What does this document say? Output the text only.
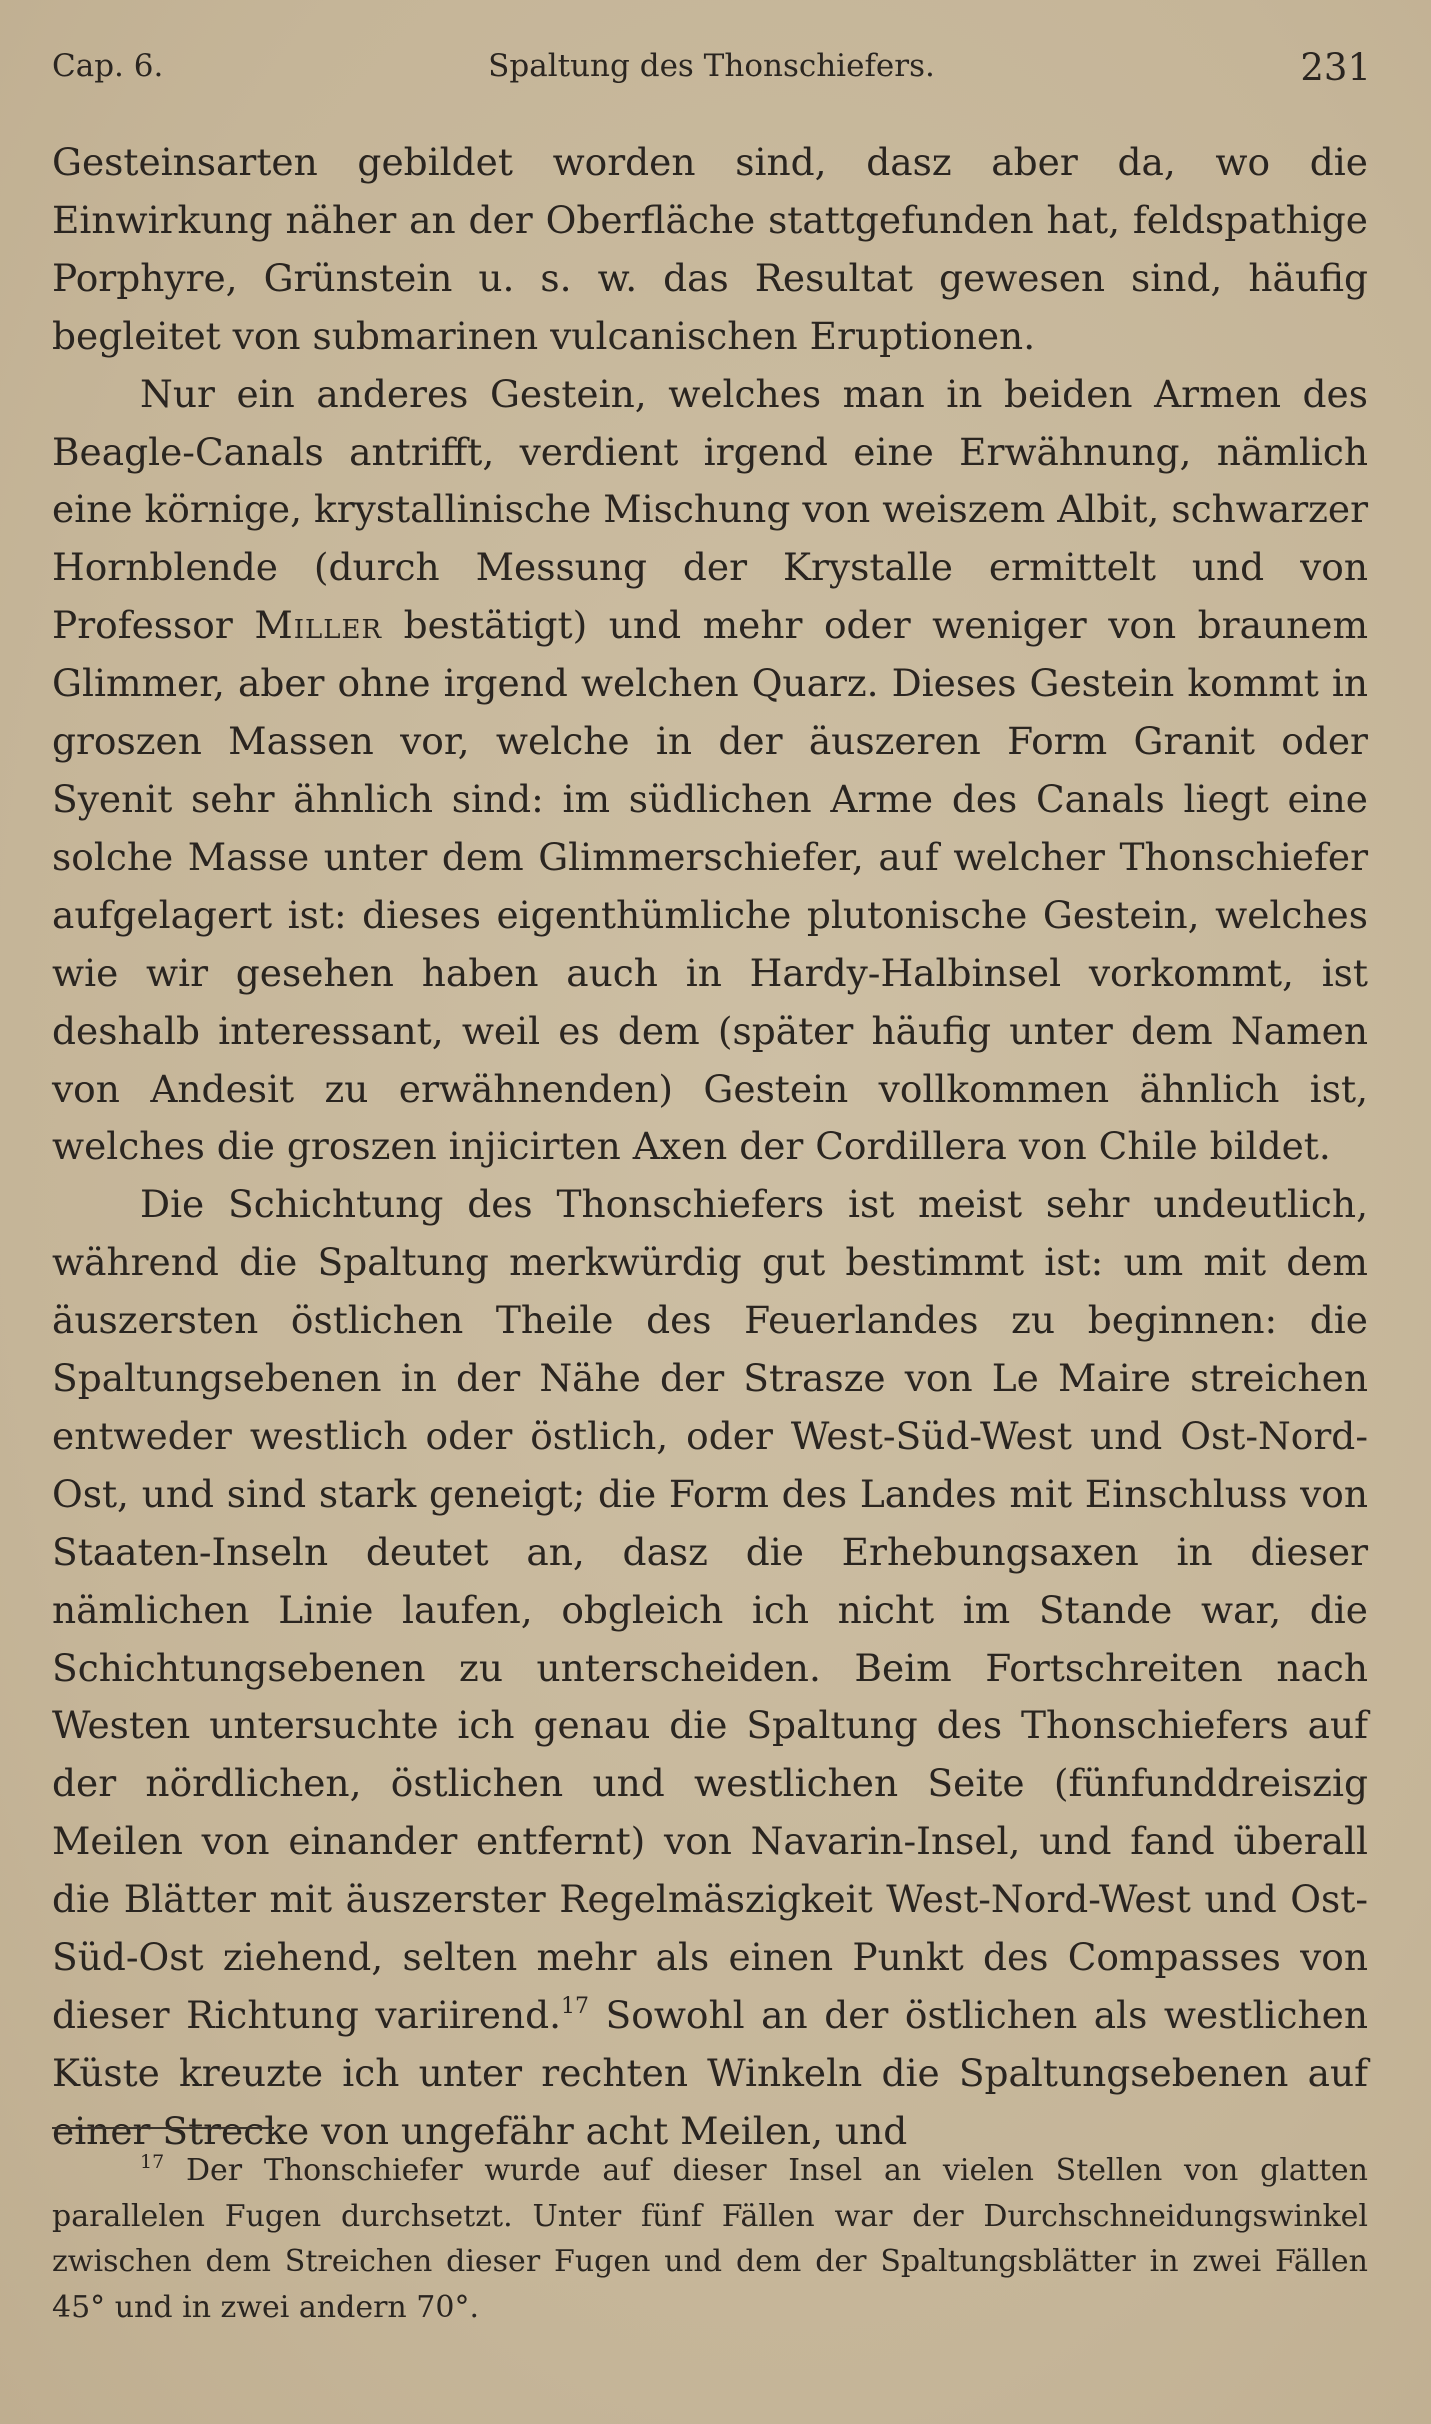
Cap. 6.	Spaltung des Thonschiefers.	231

Gesteinsarten gebildet worden sind, dasz aber da, wo die Einwirkung näher an der Oberfläche stattgefunden hat, feldspathige Porphyre, Grünstein u. s. w. das Resultat gewesen sind, häufig begleitet von submarinen vulcanischen Eruptionen.

Nur ein anderes Gestein, welches man in beiden Armen des Beagle-Canals antrifft, verdient irgend eine Erwähnung, nämlich eine körnige, krystallinische Mischung von weiszem Albit, schwarzer Hornblende (durch Messung der Krystalle ermittelt und von Professor Miller bestätigt) und mehr oder weniger von braunem Glimmer, aber ohne irgend welchen Quarz. Dieses Gestein kommt in groszen Massen vor, welche in der äuszeren Form Granit oder Syenit sehr ähnlich sind: im südlichen Arme des Canals liegt eine solche Masse unter dem Glimmerschiefer, auf welcher Thonschiefer aufgelagert ist: dieses eigenthümliche plutonische Gestein, welches wie wir gesehen haben auch in Hardy-Halbinsel vorkommt, ist deshalb interessant, weil es dem (später häufig unter dem Namen von Andesit zu erwähnenden) Gestein vollkommen ähnlich ist, welches die groszen injicirten Axen der Cordillera von Chile bildet.

Die Schichtung des Thonschiefers ist meist sehr undeutlich, während die Spaltung merkwürdig gut bestimmt ist: um mit dem äuszersten östlichen Theile des Feuerlandes zu beginnen: die Spaltungsebenen in der Nähe der Strasze von Le Maire streichen entweder westlich oder östlich, oder West-Süd-West und Ost-Nord-Ost, und sind stark geneigt; die Form des Landes mit Einschluss von Staaten-Inseln deutet an, dasz die Erhebungsaxen in dieser nämlichen Linie laufen, obgleich ich nicht im Stande war, die Schichtungsebenen zu unterscheiden. Beim Fortschreiten nach Westen untersuchte ich genau die Spaltung des Thonschiefers auf der nördlichen, östlichen und westlichen Seite (fünfunddreiszig Meilen von einander entfernt) von Navarin-Insel, und fand überall die Blätter mit äuszerster Regelmäszigkeit West-Nord-West und Ost-Süd-Ost ziehend, selten mehr als einen Punkt des Compasses von dieser Richtung variirend.$^{17}$ Sowohl an der östlichen als westlichen Küste kreuzte ich unter rechten Winkeln die Spaltungsebenen auf einer Strecke von ungefähr acht Meilen, und

$^{17}$ Der Thonschiefer wurde auf dieser Insel an vielen Stellen von glatten parallelen Fugen durchsetzt. Unter fünf Fällen war der Durchschneidungswinkel zwischen dem Streichen dieser Fugen und dem der Spaltungsblätter in zwei Fällen 45° und in zwei andern 70°.
